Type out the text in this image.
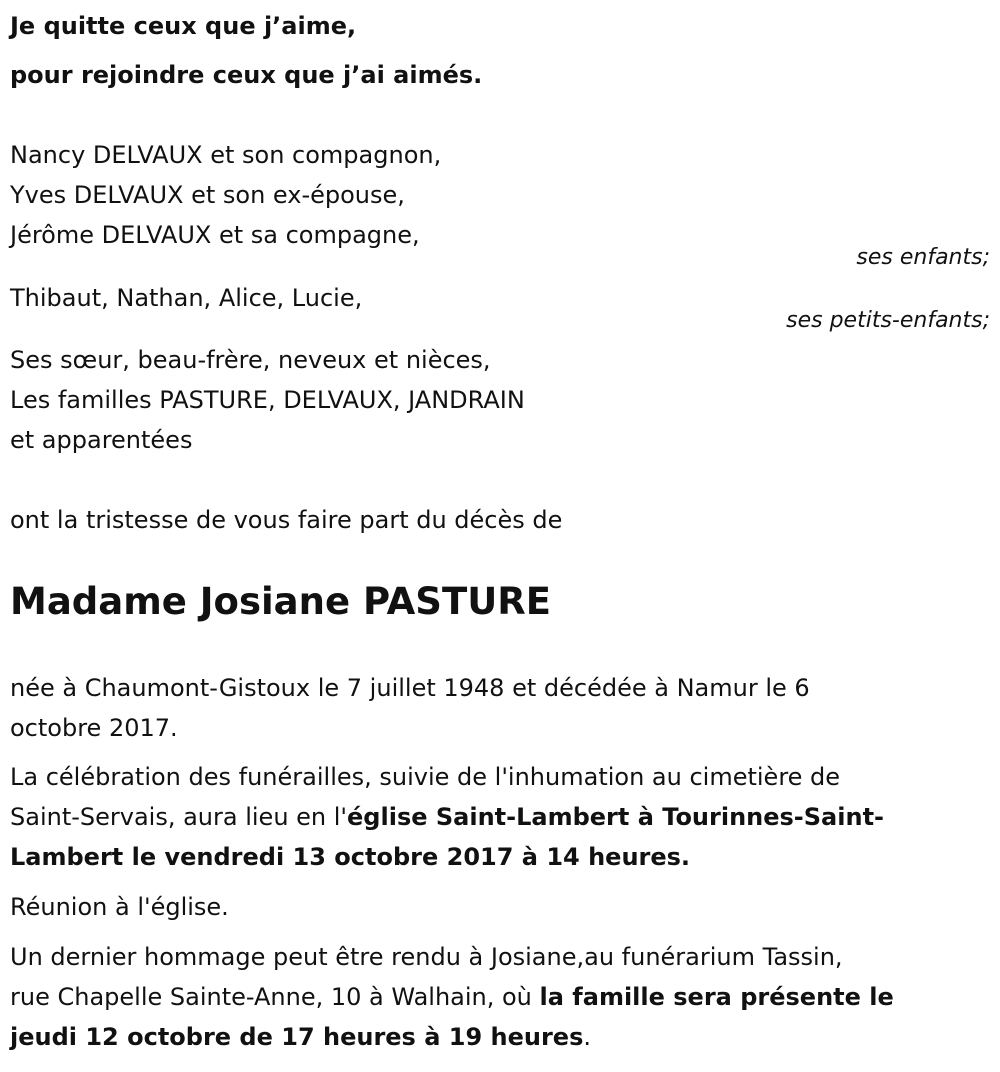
Je quitte ceux que j’aime,
pour rejoindre ceux que j’ai aimés.
Nancy DELVAUX et son compagnon,
Yves DELVAUX et son ex-épouse,
Jérôme DELVAUX et sa compagne,
ses enfants;
Thibaut, Nathan, Alice, Lucie,
ses petits-enfants;
Ses sœur, beau-frère, neveux et nièces,
Les familles PASTURE, DELVAUX, JANDRAIN
et apparentées
ont la tristesse de vous faire part du décès de
Madame Josiane PASTURE
née à Chaumont-Gistoux le 7 juillet 1948 et décédée à Namur le 6
octobre 2017.
La célébration des funérailles, suivie de l'inhumation au cimetière de
Saint-Servais, aura lieu en l'église Saint-Lambert à Tourinnes-Saint-
Lambert le vendredi 13 octobre 2017 à 14 heures.
Réunion à l'église.
Un dernier hommage peut être rendu à Josiane,au funérarium Tassin,
rue Chapelle Sainte-Anne, 10 à Walhain, où la famille sera présente le
jeudi 12 octobre de 17 heures à 19 heures.
